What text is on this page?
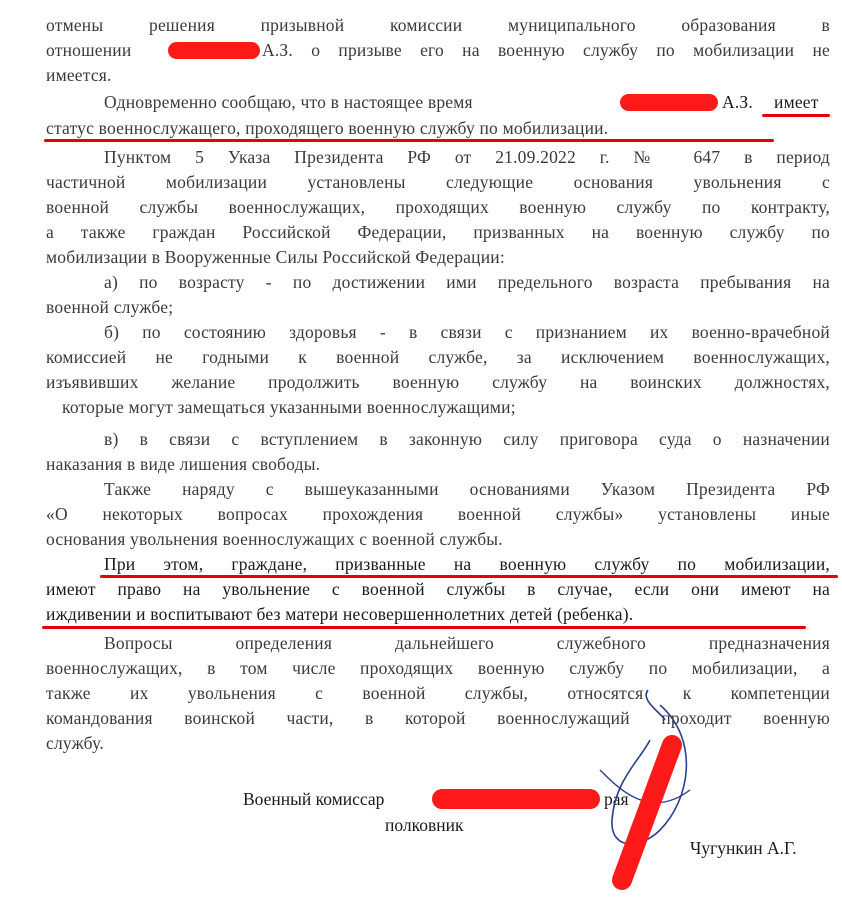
отмены решения призывной комиссии муниципального образования в
отношении	А.З. о призыве его на военную службу по мобилизации не
имеется.
Одновременно сообщаю, что в настоящее время	А.З. имеет
статус военнослужащего, проходящего военную службу по мобилизации.
Пунктом 5 Указа Президента РФ от 21.09.2022 г. № 647 в период
частичной мобилизации установлены следующие основания увольнения с
военной службы военнослужащих, проходящих военную службу по контракту,
а также граждан Российской Федерации, призванных на военную службу по
мобилизации в Вооруженные Силы Российской Федерации:
а) по возрасту - по достижении ими предельного возраста пребывания на
военной службе;
б) по состоянию здоровья - в связи с признанием их военно-врачебной
комиссией не годными к военной службе, за исключением военнослужащих,
изъявивших желание продолжить военную службу на воинских должностях,
которые могут замещаться указанными военнослужащими;
в) в связи с вступлением в законную силу приговора суда о назначении
наказания в виде лишения свободы.
Также наряду с вышеуказанными основаниями Указом Президента РФ
«О некоторых вопросах прохождения военной службы» установлены иные
основания увольнения военнослужащих с военной службы.
При этом, граждане, призванные на военную службу по мобилизации,
имеют право на увольнение с военной службы в случае, если они имеют на
иждивении и воспитывают без матери несовершеннолетних детей (ребенка).
Вопросы определения дальнейшего служебного предназначения
военнослужащих, в том числе проходящих военную службу по мобилизации, а
также их увольнения с военной службы, относятся к компетенции
командования воинской части, в которой военнослужащий проходит военную
службу.
Военный комиссар	рая
полковник
Чугункин А.Г.
